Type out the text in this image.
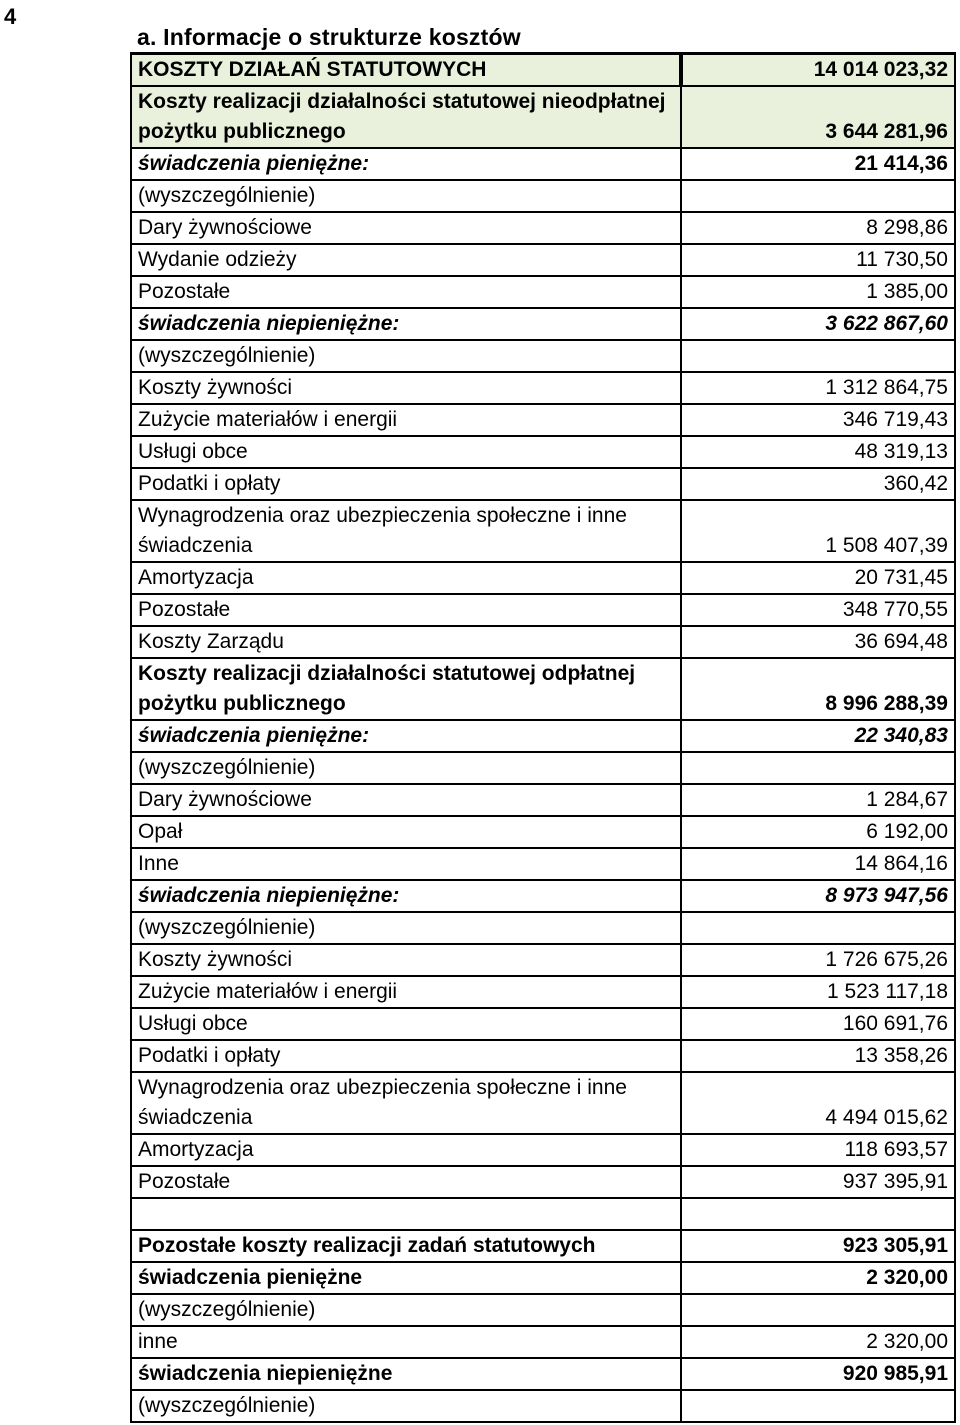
4
a. Informacje o strukturze kosztów
KOSZTY DZIAŁAŃ STATUTOWYCH	14 014 023,32
Koszty realizacji działalności statutowej nieodpłatnej pożytku publicznego	3 644 281,96
świadczenia pieniężne:	21 414,36
(wyszczególnienie)	
Dary żywnościowe	8 298,86
Wydanie odzieży	11 730,50
Pozostałe	1 385,00
świadczenia niepieniężne:	3 622 867,60
(wyszczególnienie)	
Koszty żywności	1 312 864,75
Zużycie materiałów i energii	346 719,43
Usługi obce	48 319,13
Podatki i opłaty	360,42
Wynagrodzenia oraz ubezpieczenia społeczne i inne świadczenia	1 508 407,39
Amortyzacja	20 731,45
Pozostałe	348 770,55
Koszty Zarządu	36 694,48
Koszty realizacji działalności statutowej odpłatnej pożytku publicznego	8 996 288,39
świadczenia pieniężne:	22 340,83
(wyszczególnienie)	
Dary żywnościowe	1 284,67
Opał	6 192,00
Inne	14 864,16
świadczenia niepieniężne:	8 973 947,56
(wyszczególnienie)	
Koszty żywności	1 726 675,26
Zużycie materiałów i energii	1 523 117,18
Usługi obce	160 691,76
Podatki i opłaty	13 358,26
Wynagrodzenia oraz ubezpieczenia społeczne i inne świadczenia	4 494 015,62
Amortyzacja	118 693,57
Pozostałe	937 395,91

Pozostałe koszty realizacji zadań statutowych	923 305,91
świadczenia pieniężne	2 320,00
(wyszczególnienie)	
inne	2 320,00
świadczenia niepieniężne	920 985,91
(wyszczególnienie)	
